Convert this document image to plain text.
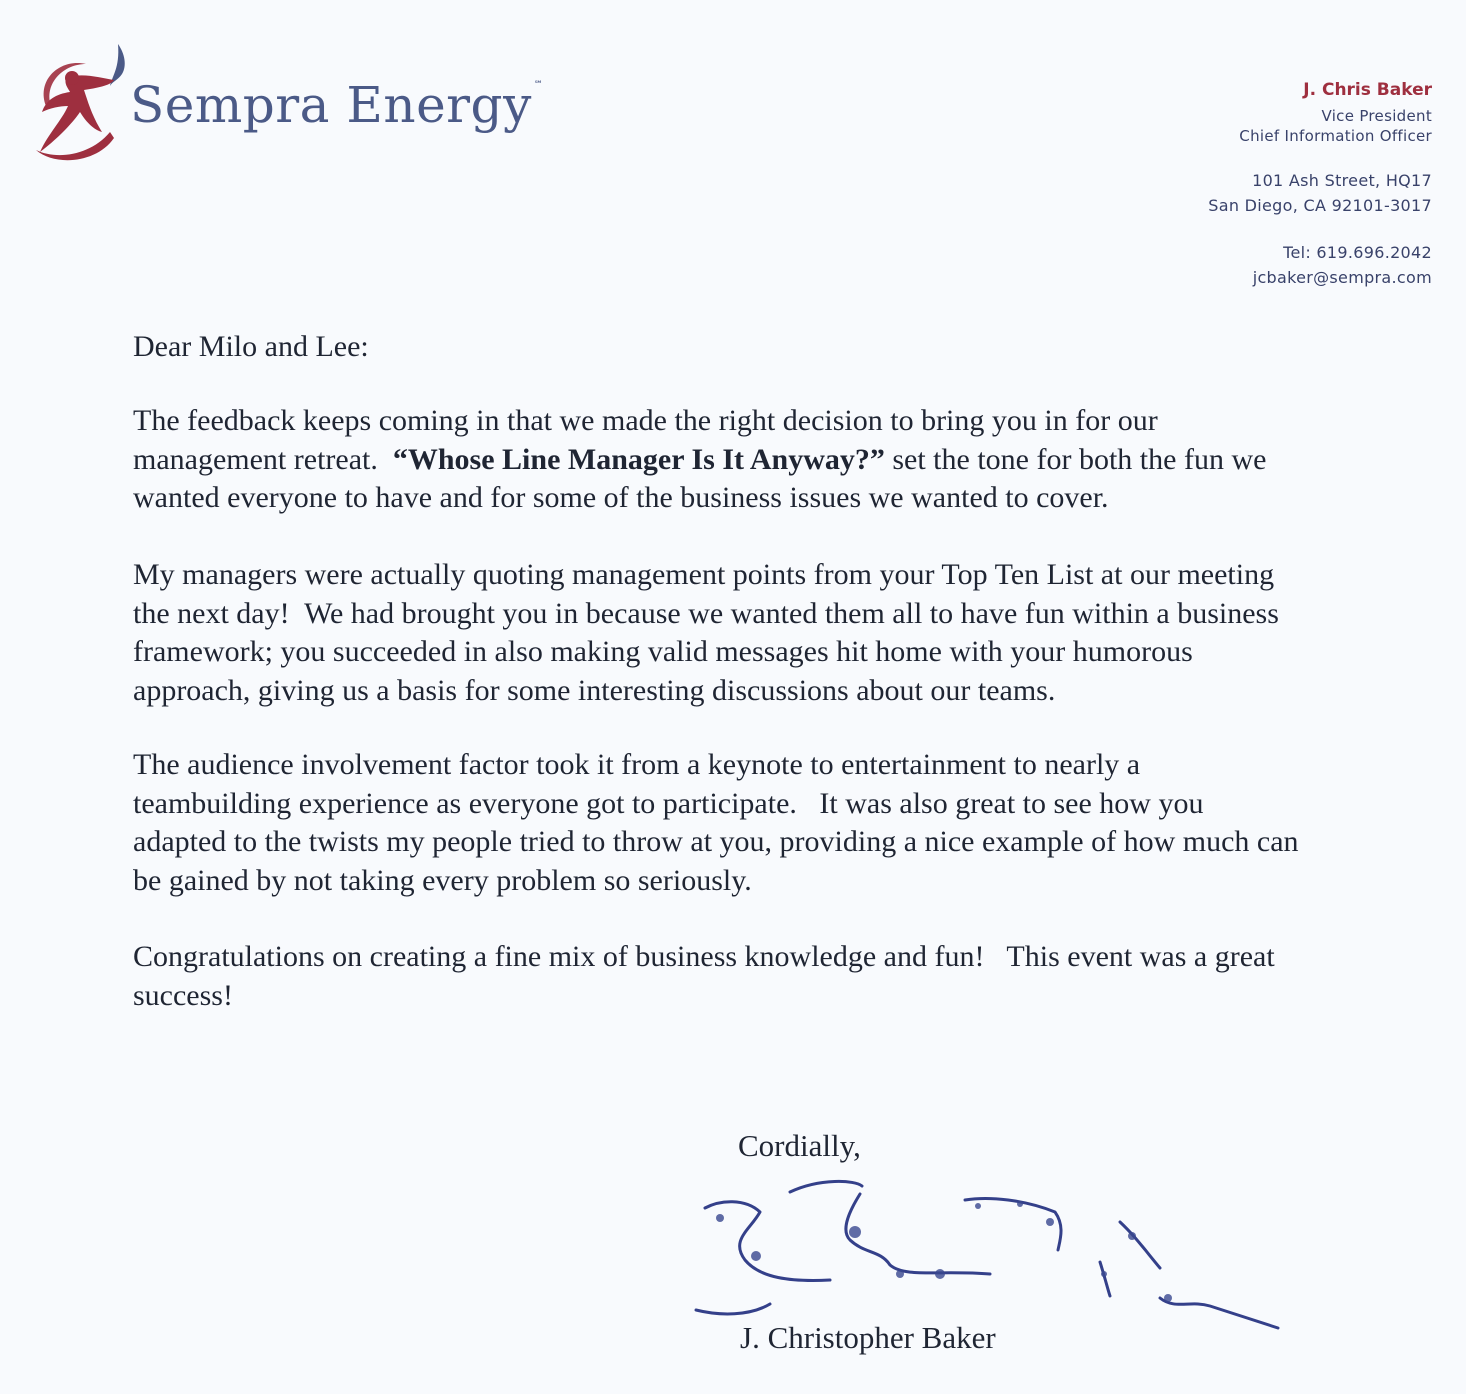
Sempra Energy ℠	J. Chris Baker
Vice President
Chief Information Officer
101 Ash Street, HQ17
San Diego, CA 92101-3017
Tel: 619.696.2042
jcbaker@sempra.com
Dear Milo and Lee:
The feedback keeps coming in that we made the right decision to bring you in for our
management retreat.  “Whose Line Manager Is It Anyway?” set the tone for both the fun we
wanted everyone to have and for some of the business issues we wanted to cover.
My managers were actually quoting management points from your Top Ten List at our meeting
the next day!  We had brought you in because we wanted them all to have fun within a business
framework; you succeeded in also making valid messages hit home with your humorous
approach, giving us a basis for some interesting discussions about our teams.
The audience involvement factor took it from a keynote to entertainment to nearly a
teambuilding experience as everyone got to participate.   It was also great to see how you
adapted to the twists my people tried to throw at you, providing a nice example of how much can
be gained by not taking every problem so seriously.
Congratulations on creating a fine mix of business knowledge and fun!   This event was a great
success!
Cordially,
J. Christopher Baker
